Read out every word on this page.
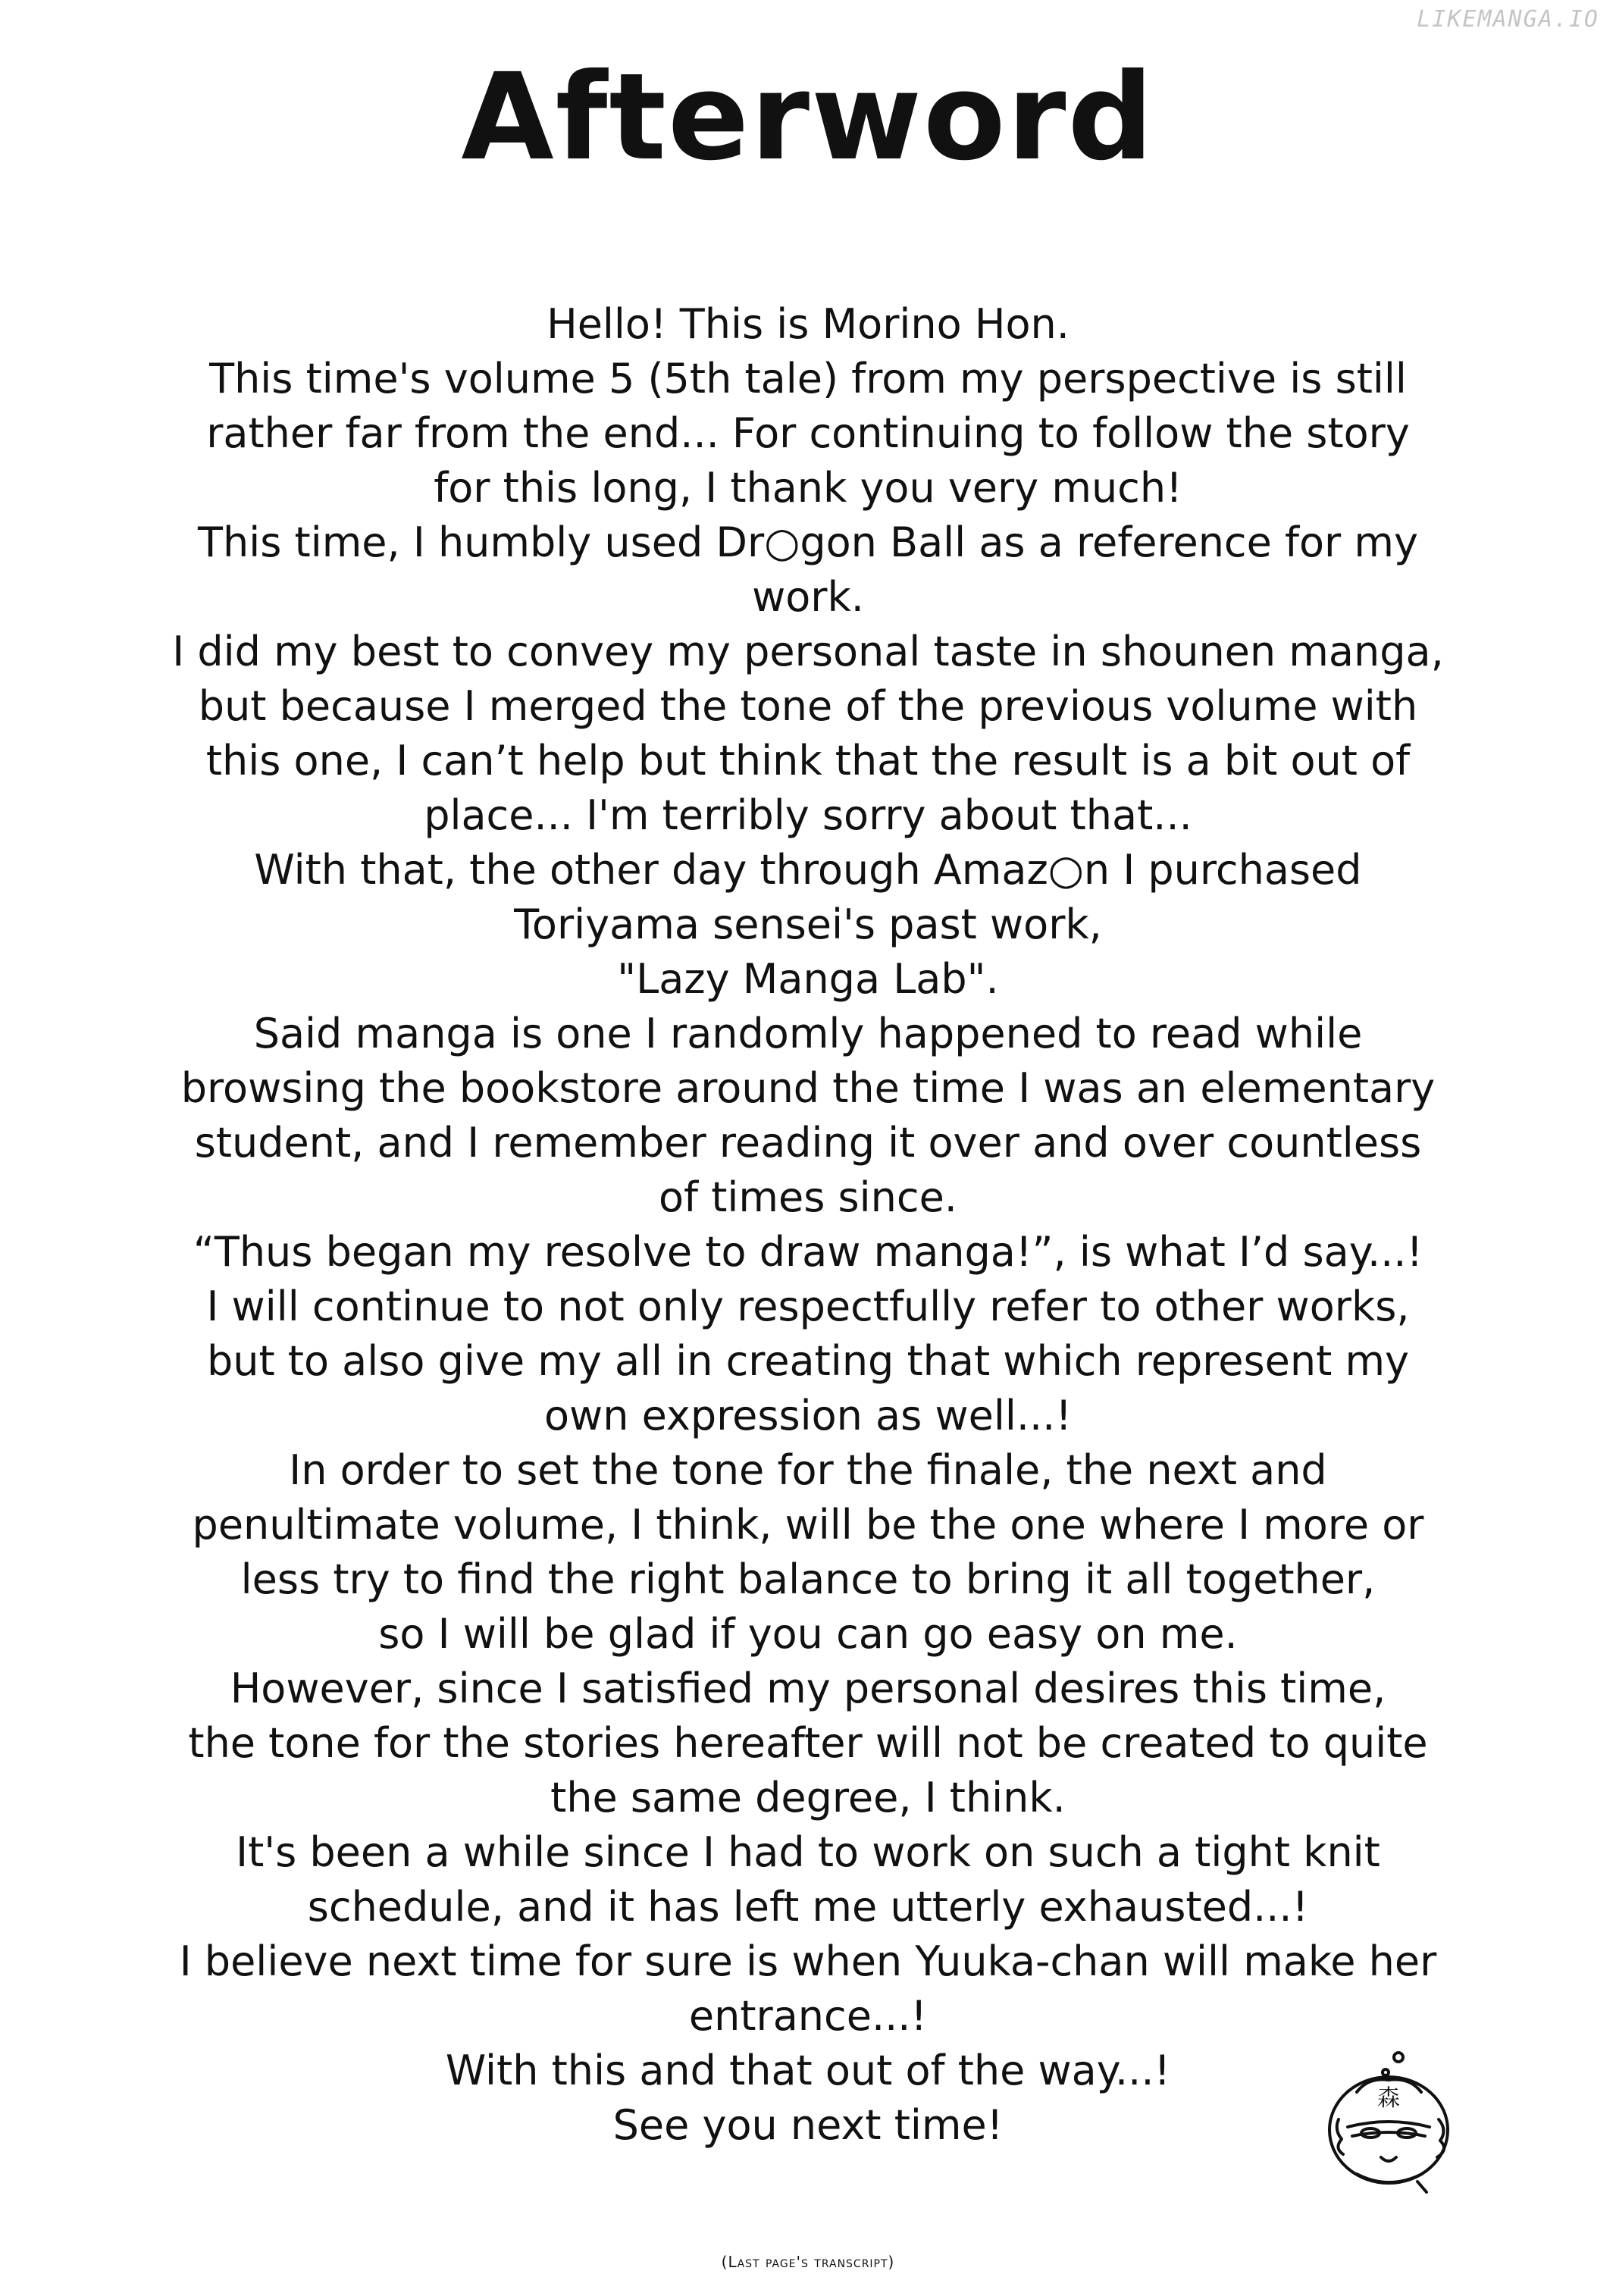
LIKEMANGA.IO
Afterword
Hello! This is Morino Hon.
This time's volume 5 (5th tale) from my perspective is still
rather far from the end... For continuing to follow the story
for this long, I thank you very much!
This time, I humbly used Dr○gon Ball as a reference for my
work.
I did my best to convey my personal taste in shounen manga,
but because I merged the tone of the previous volume with
this one, I can’t help but think that the result is a bit out of
place... I'm terribly sorry about that...
With that, the other day through Amaz○n I purchased
Toriyama sensei's past work,
"Lazy Manga Lab".
Said manga is one I randomly happened to read while
browsing the bookstore around the time I was an elementary
student, and I remember reading it over and over countless
of times since.
“Thus began my resolve to draw manga!”, is what I’d say...!
I will continue to not only respectfully refer to other works,
but to also give my all in creating that which represent my
own expression as well...!
In order to set the tone for the finale, the next and
penultimate volume, I think, will be the one where I more or
less try to find the right balance to bring it all together,
so I will be glad if you can go easy on me.
However, since I satisfied my personal desires this time,
the tone for the stories hereafter will not be created to quite
the same degree, I think.
It's been a while since I had to work on such a tight knit
schedule, and it has left me utterly exhausted...!
I believe next time for sure is when Yuuka-chan will make her
entrance...!
With this and that out of the way...!
See you next time!
森
(Last page's transcript)
